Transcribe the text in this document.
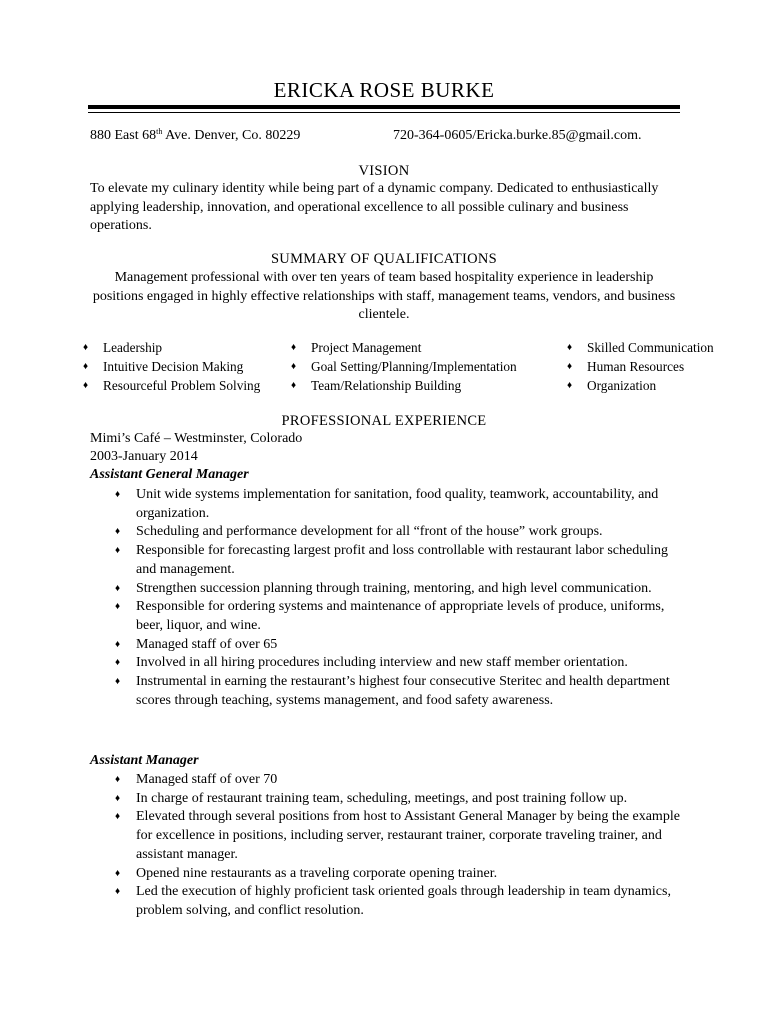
ERICKA ROSE BURKE
880 East 68th Ave. Denver, Co. 80229	720-364-0605/Ericka.burke.85@gmail.com.
VISION
To elevate my culinary identity while being part of a dynamic company. Dedicated to enthusiastically applying leadership, innovation, and operational excellence to all possible culinary and business operations.
SUMMARY OF QUALIFICATIONS
Management professional with over ten years of team based hospitality experience in leadership positions engaged in highly effective relationships with staff, management teams, vendors, and business clientele.
♦ Leadership
♦ Intuitive Decision Making
♦ Resourceful Problem Solving
♦ Project Management
♦ Goal Setting/Planning/Implementation
♦ Team/Relationship Building
♦ Skilled Communication
♦ Human Resources
♦ Organization
PROFESSIONAL EXPERIENCE
Mimi’s Café – Westminster, Colorado
2003-January 2014
Assistant General Manager
♦ Unit wide systems implementation for sanitation, food quality, teamwork, accountability, and organization.
♦ Scheduling and performance development for all “front of the house” work groups.
♦ Responsible for forecasting largest profit and loss controllable with restaurant labor scheduling and management.
♦ Strengthen succession planning through training, mentoring, and high level communication.
♦ Responsible for ordering systems and maintenance of appropriate levels of produce, uniforms, beer, liquor, and wine.
♦ Managed staff of over 65
♦ Involved in all hiring procedures including interview and new staff member orientation.
♦ Instrumental in earning the restaurant’s highest four consecutive Steritec and health department scores through teaching, systems management, and food safety awareness.
Assistant Manager
♦ Managed staff of over 70
♦ In charge of restaurant training team, scheduling, meetings, and post training follow up.
♦ Elevated through several positions from host to Assistant General Manager by being the example for excellence in positions, including server, restaurant trainer, corporate traveling trainer, and assistant manager.
♦ Opened nine restaurants as a traveling corporate opening trainer.
♦ Led the execution of highly proficient task oriented goals through leadership in team dynamics, problem solving, and conflict resolution.
